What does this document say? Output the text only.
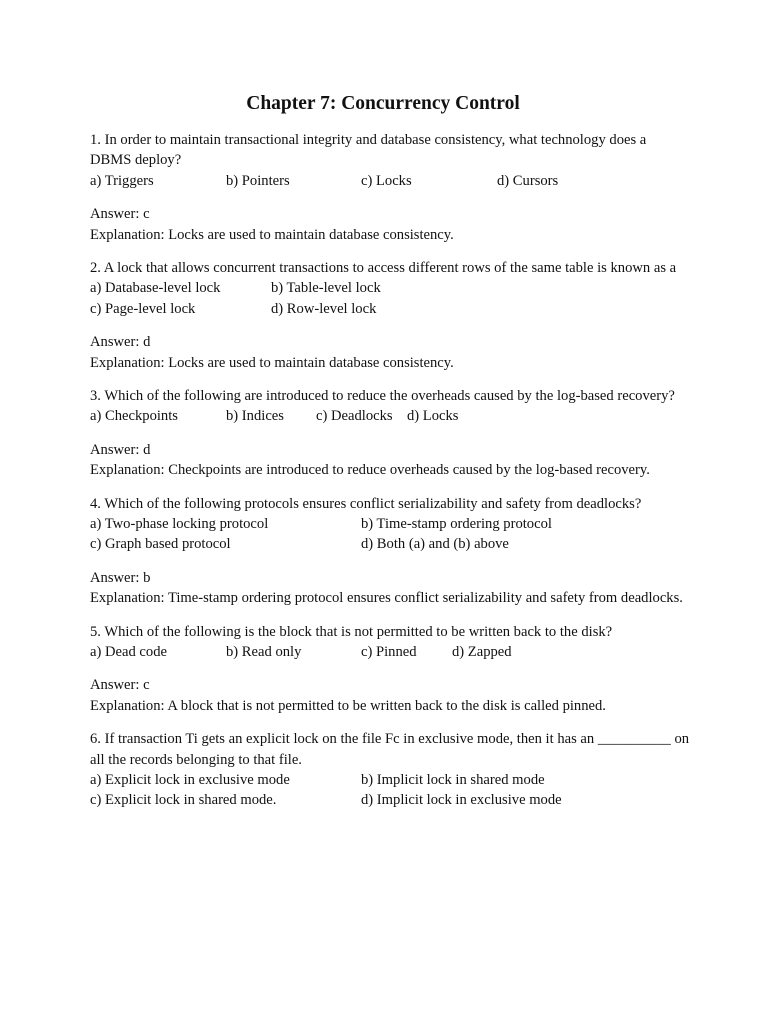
Chapter 7: Concurrency Control
1. In order to maintain transactional integrity and database consistency, what technology does a DBMS deploy?
a) Triggers	b) Pointers	c) Locks	d) Cursors
Answer: c
Explanation: Locks are used to maintain database consistency.
2. A lock that allows concurrent transactions to access different rows of the same table is known as a
a) Database-level lock	b) Table-level lock
c) Page-level lock	d) Row-level lock
Answer: d
Explanation: Locks are used to maintain database consistency.
3. Which of the following are introduced to reduce the overheads caused by the log-based recovery?
a) Checkpoints	b) Indices c) Deadlocks d) Locks
Answer: d
Explanation: Checkpoints are introduced to reduce overheads caused by the log-based recovery.
4. Which of the following protocols ensures conflict serializability and safety from deadlocks?
a) Two-phase locking protocol	b) Time-stamp ordering protocol
c) Graph based protocol	d) Both (a) and (b) above
Answer: b
Explanation: Time-stamp ordering protocol ensures conflict serializability and safety from deadlocks.
5. Which of the following is the block that is not permitted to be written back to the disk?
a) Dead code	b) Read only	c) Pinned d) Zapped
Answer: c
Explanation: A block that is not permitted to be written back to the disk is called pinned.
6. If transaction Ti gets an explicit lock on the file Fc in exclusive mode, then it has an __________ on all the records belonging to that file.
a) Explicit lock in exclusive mode	b) Implicit lock in shared mode
c) Explicit lock in shared mode.	d) Implicit lock in exclusive mode
